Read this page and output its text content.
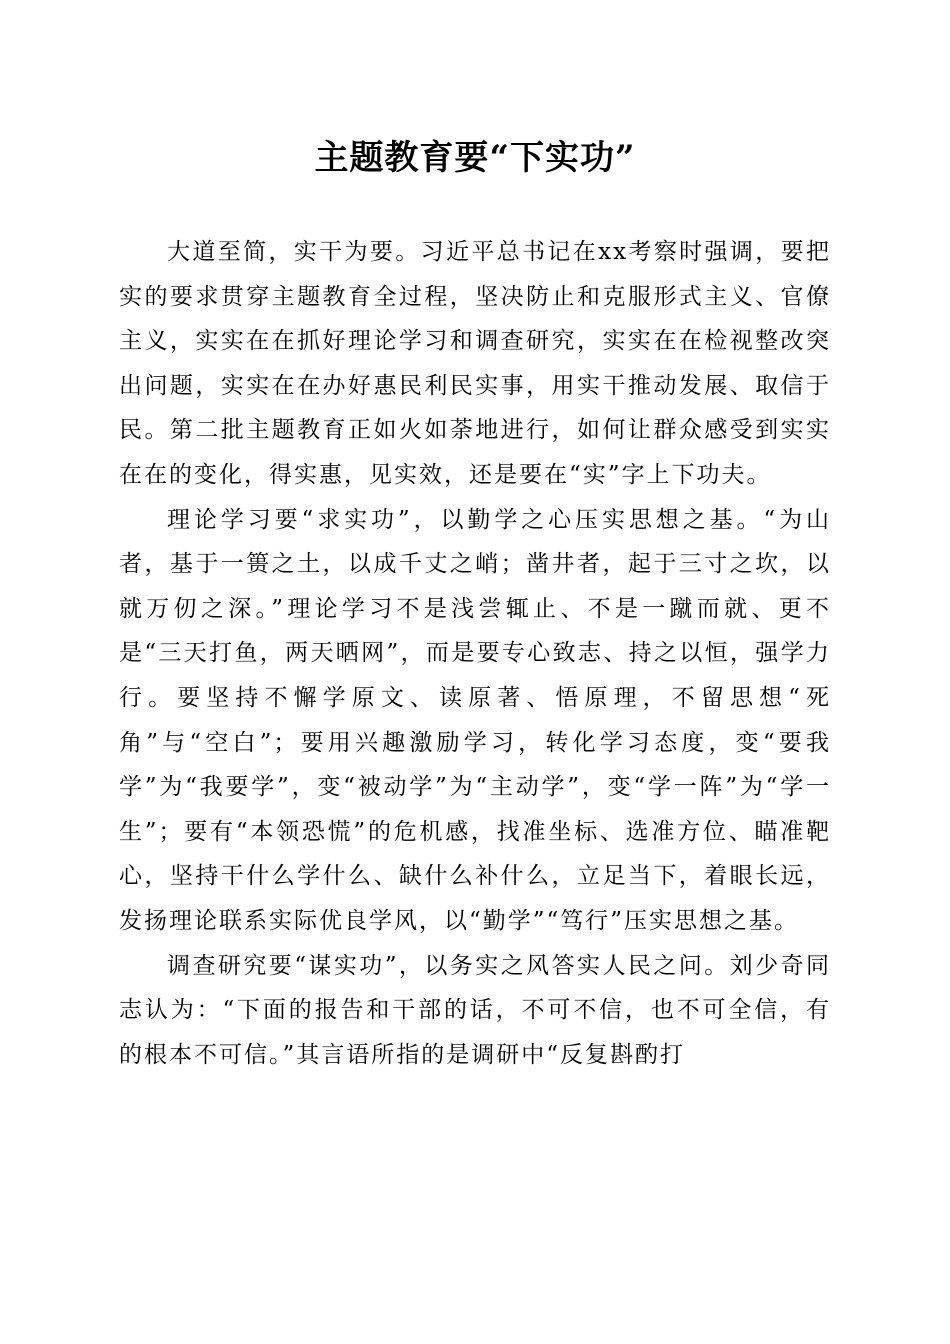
主题教育要“下实功”

大道至简，实干为要。习近平总书记在xx考察时强调，要把实的要求贯穿主题教育全过程，坚决防止和克服形式主义、官僚主义，实实在在抓好理论学习和调查研究，实实在在检视整改突出问题，实实在在办好惠民利民实事，用实干推动发展、取信于民。第二批主题教育正如火如荼地进行，如何让群众感受到实实在在的变化，得实惠，见实效，还是要在“实”字上下功夫。

理论学习要“求实功”，以勤学之心压实思想之基。“为山者，基于一篑之土，以成千丈之峭；凿井者，起于三寸之坎，以就万仞之深。”理论学习不是浅尝辄止、不是一蹴而就、更不是“三天打鱼，两天晒网”，而是要专心致志、持之以恒，强学力行。要坚持不懈学原文、读原著、悟原理，不留思想“死角”与“空白”；要用兴趣激励学习，转化学习态度，变“要我学”为“我要学”，变“被动学”为“主动学”，变“学一阵”为“学一生”；要有“本领恐慌”的危机感，找准坐标、选准方位、瞄准靶心，坚持干什么学什么、缺什么补什么，立足当下，着眼长远，发扬理论联系实际优良学风，以“勤学”“笃行”压实思想之基。

调查研究要“谋实功”，以务实之风答实人民之问。刘少奇同志认为：“下面的报告和干部的话，不可不信，也不可全信，有的根本不可信。”其言语所指的是调研中“反复斟酌打
